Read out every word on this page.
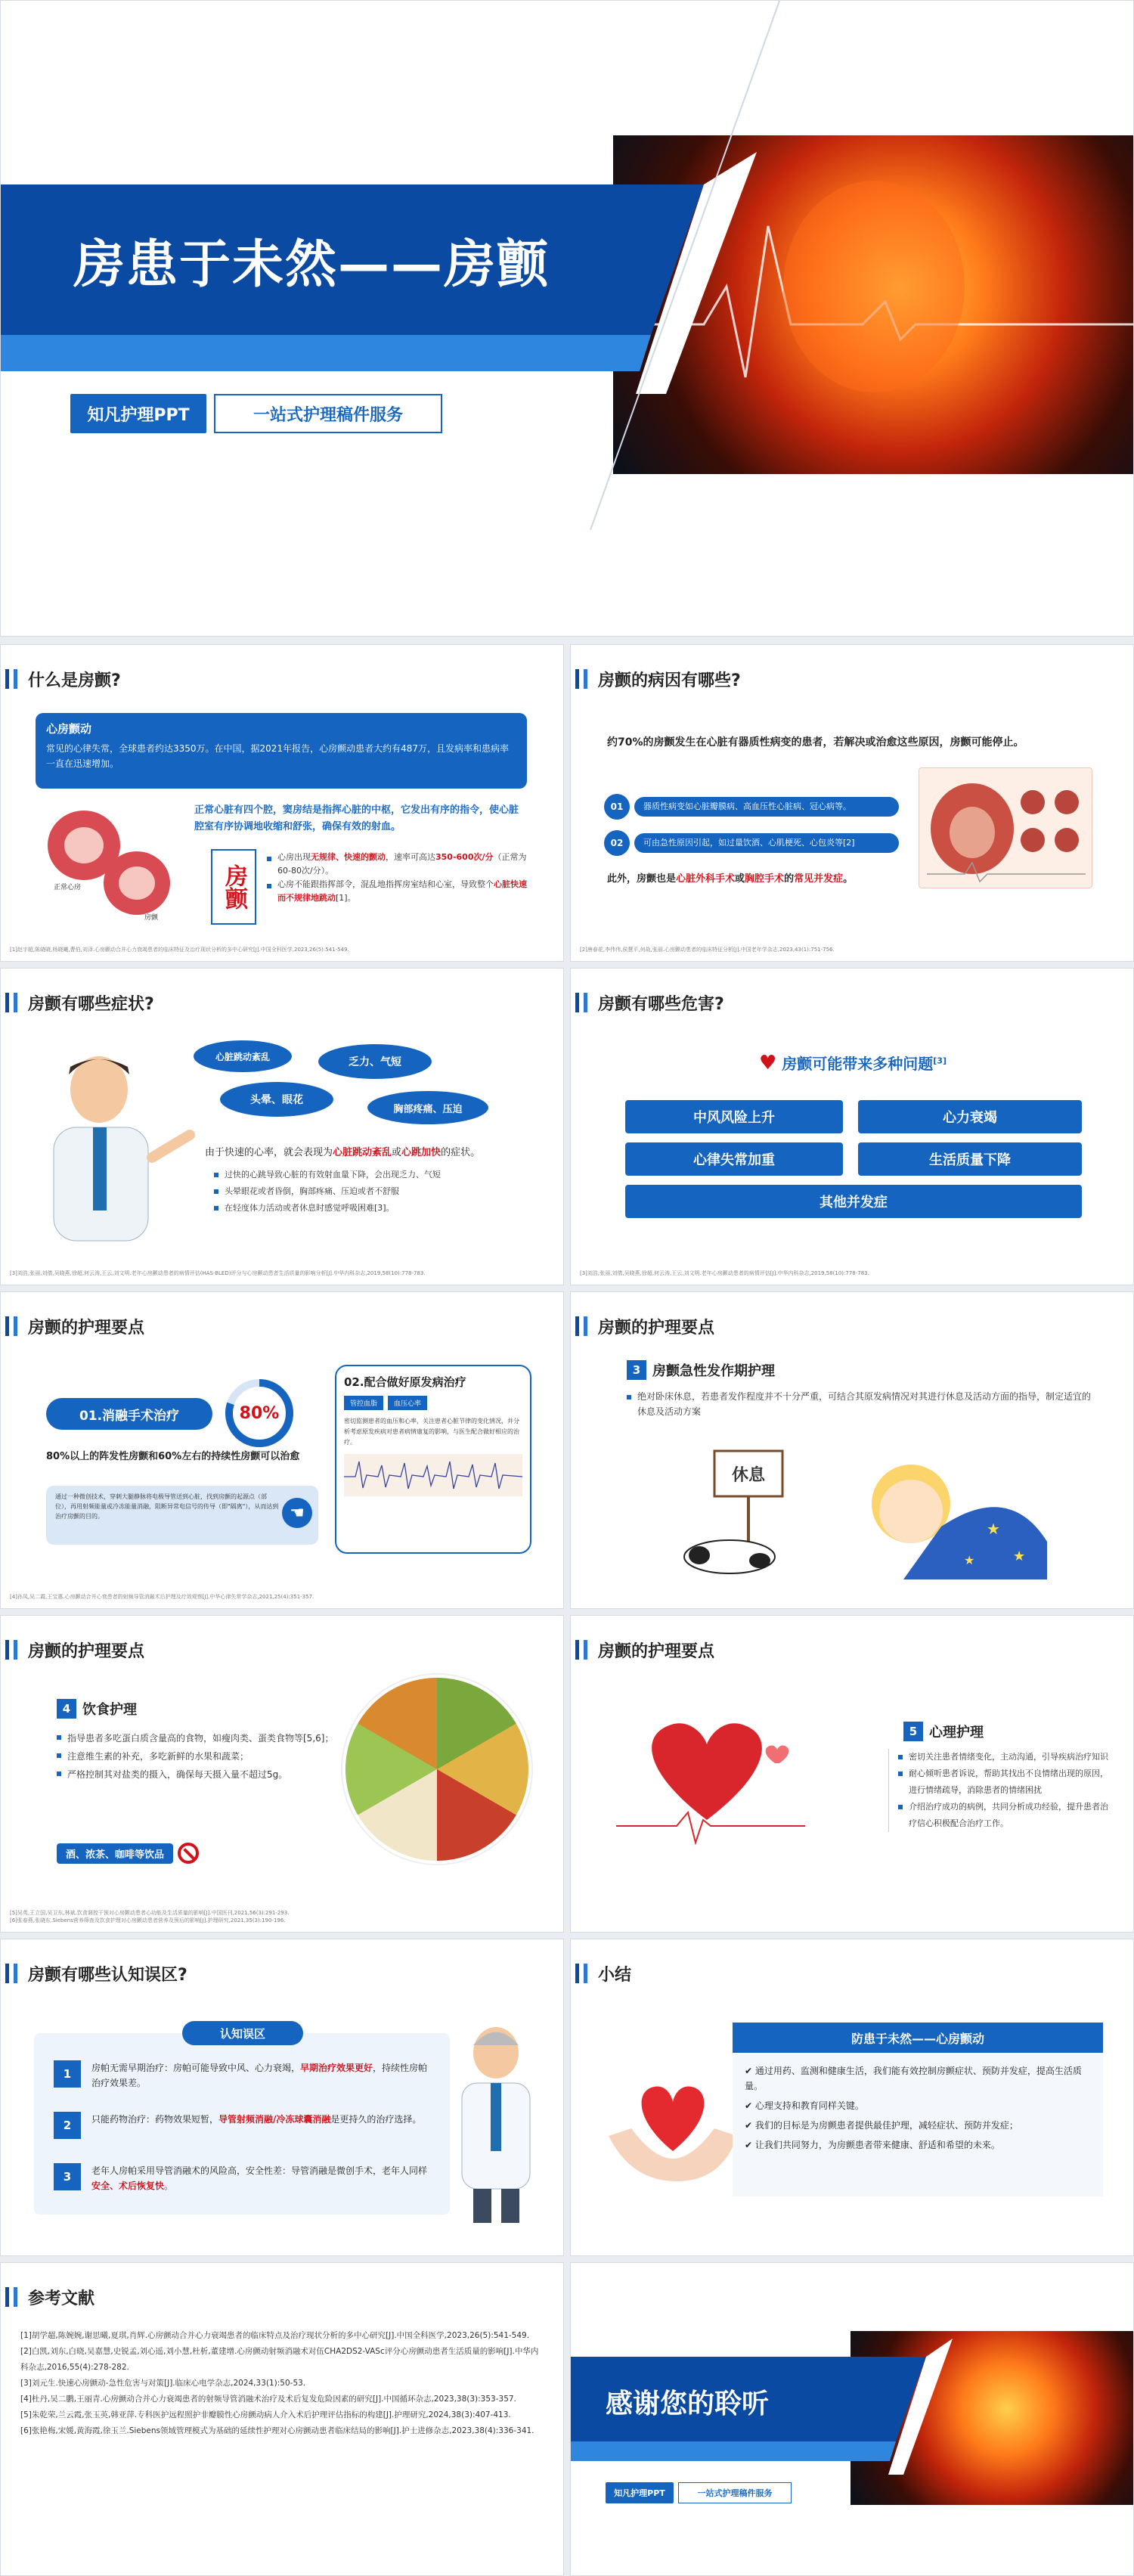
房患于未然——房颤
知凡护理PPT	一站式护理稿件服务
什么是房颤?
心房颤动
常见的心律失常，全球患者约达3350万。在中国，据2021年报告，心房颤动患者大约有487万，且发病率和患病率一直在迅速增加。
正常心房
房颤
正常心脏有四个腔，窦房结是指挥心脏的中枢，它发出有序的指令，使心脏腔室有序协调地收缩和舒张，确保有效的射血。
房颤
心房出现无规律、快速的颤动，速率可高达350-600次/分（正常为60-80次/分）。
心房不能跟指挥部令，混乱地指挥房室结和心室，导致整个心脏快速而不规律地跳动[1]。
[1]赵宇超,陈晓晓,杨晓曦,曹伯,刘泽.心房颤动合并心力衰竭患者的临床特征及治疗现状分析的多中心研究[J].中国全科医学,2023,26(5):541-549.
房颤的病因有哪些?
约70%的房颤发生在心脏有器质性病变的患者，若解决或治愈这些原因，房颤可能停止。
01	器质性病变如心脏瓣膜病、高血压性心脏病、冠心病等。
02	可由急性原因引起，如过量饮酒、心肌梗死、心包炎等[2]
此外，房颤也是心脏外科手术或胸腔手术的常见并发症。
[2]唐春花,李伟伟,侯慧平,何战,张丽.心房颤动患者的临床特征分析[J].中国老年学杂志,2023,43(1):751-756.
房颤有哪些症状?
心脏跳动紊乱	乏力、气短
头晕、眼花
胸部疼痛、压迫
由于快速的心率，就会表现为心脏跳动紊乱或心跳加快的症状。
过快的心跳导致心脏的有效射血量下降，会出现乏力、气短
头晕眼花或者昏倒，胸部疼痛、压迫或者不舒服
在轻度体力活动或者休息时感觉呼吸困难[3]。
[3]刘浩,张丽,刘倩,吴晓燕,徐超,何云涛,王云,刘文明.老年心房颤动患者的病情评估(HAS-BLED)评分与心房颤动患者生活质量的影响分析[J].中华内科杂志,2019,58(10):778-783.
房颤有哪些危害?
♥ 房颤可能带来多种问题[3]
中风风险上升	心力衰竭
心律失常加重	生活质量下降
其他并发症
[3]刘浩,张丽,刘倩,吴晓燕,徐超,何云涛,王云,刘文明.老年心房颤动患者的病情评估[J].中华内科杂志,2019,58(10):778-783.
房颤的护理要点
01.消融手术治疗	80%
80%以上的阵发性房颤和60%左右的持续性房颤可以治愈
通过一种微创技术，穿刺大腿静脉将电极导管送到心脏，找到房颤的起源点（部位），再用射频能量或冷冻能量消融，阻断异常电信号的传导（即"隔离"），从而达到治疗房颤的目的。	☚
02.配合做好原发病治疗
管控血脂	血压心率
密切监测患者的血压和心率，关注患者心脏节律的变化情况，并分析考虑原发疾病对患者病情康复的影响，与医生配合做好相应的治疗。
[4]孙凤,吴二霞,王宝惠.心房颤动合并心衰患者的射频导管消融术后护理及疗效观察[J].中华心律失常学杂志,2021,25(4):351-357.
房颤的护理要点
3 房颤急性发作期护理
绝对卧床休息，若患者发作程度并不十分严重，可结合其原发病情况对其进行休息及活动方面的指导，制定适宜的休息及活动方案
休息
★
★
★
房颤的护理要点
4 饮食护理
指导患者多吃蛋白质含量高的食物，如瘦肉类、蛋类食物等[5,6]；
注意维生素的补充，多吃新鲜的水果和蔬菜；
严格控制其对盐类的摄入，确保每天摄入量不超过5g。
酒、浓茶、咖啡等饮品
[5]吴英,王立国,吴卫东,林斌.饮食调控干预对心房颤动患者心功能及生活质量的影响[J].中国医刊,2021,56(3):291-293.
[6]张春燕,张晓东.Siebens营养筛查及饮食护理对心房颤动患者营养及预后的影响[J].护理研究,2021,35(3):190-196.
房颤的护理要点
5 心理护理
密切关注患者情绪变化，主动沟通，引导疾病治疗知识
耐心倾听患者诉说，帮助其找出不良情绪出现的原因，进行情绪疏导，消除患者的情绪困扰
介绍治疗成功的病例，共同分析成功经验，提升患者治疗信心积极配合治疗工作。
房颤有哪些认知误区?
认知误区
1	房帕无需早期治疗：房帕可能导致中风、心力衰竭，早期治疗效果更好，持续性房帕治疗效果差。
2	只能药物治疗：药物效果短暂，导管射频消融/冷冻球囊消融是更持久的治疗选择。
3	老年人房帕采用导管消融术的风险高，安全性差：导管消融是微创手术，老年人同样安全、术后恢复快。
小结
防患于未然——心房颤动
✔ 通过用药、监测和健康生活，我们能有效控制房颤症状、预防并发症，提高生活质量。
✔ 心理支持和教育同样关键。
✔ 我们的目标是为房颤患者提供最佳护理，减轻症状、预防并发症；
✔ 让我们共同努力，为房颤患者带来健康、舒适和希望的未来。
参考文献
[1]胡学超,陈婉婉,谢思曦,夏琪,肖辉.心房颤动合并心力衰竭患者的临床特点及治疗现状分析的多中心研究[J].中国全科医学,2023,26(5):541-549.
[2]白凯,刘东,白晓,吴嘉慧,史锐孟,刘心遥,刘小慧,杜析,董建增.心房颤动射频消融术对伍CHA2DS2-VASc评分心房颤动患者生活质量的影响[J].中华内科杂志,2016,55(4):278-282.
[3]刘元生.快速心房颤动-急性危害与对策[J].临床心电学杂志,2024,33(1):50-53.
[4]杜丹,吴二鹏,王丽青.心房颤动合并心力衰竭患者的射频导管消融术治疗及术后复发危险因素的研究[J].中国循环杂志,2023,38(3):353-357.
[5]朱乾荣,兰云霞,张玉英,韩亚萍.专科医护远程照护非瓣膜性心房颤动病人介入术后护理评估指标的构建[J].护理研究,2024,38(3):407-413.
[6]张艳梅,宋媛,黄海霞,徐玉兰.Siebens领域管理模式为基础的延续性护理对心房颤动患者临床结局的影响[J].护士进修杂志,2023,38(4):336-341.
感谢您的聆听
知凡护理PPT	一站式护理稿件服务
